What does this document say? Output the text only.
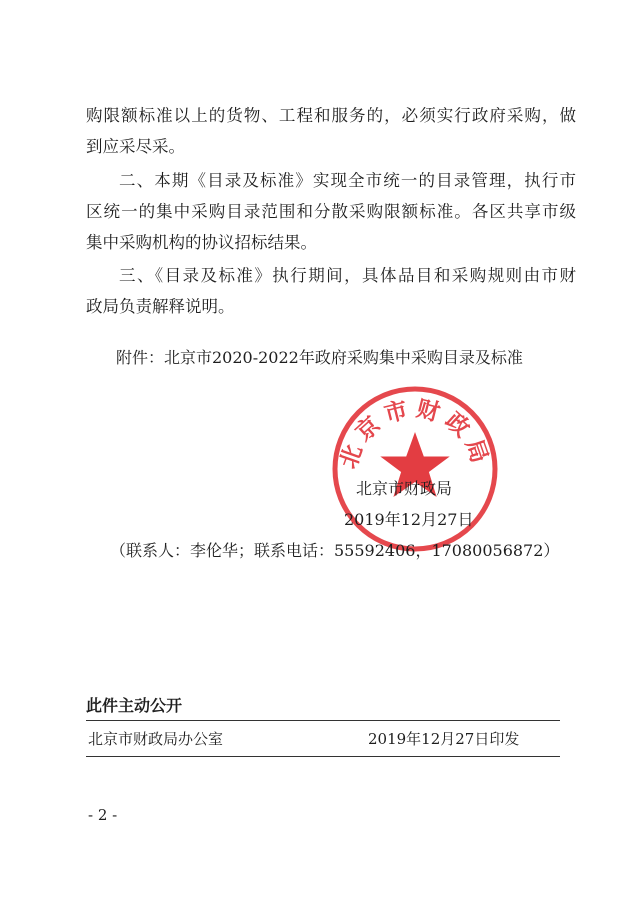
购限额标准以上的货物、工程和服务的，必须实行政府采购，做
到应采尽采。
二、本期《目录及标准》实现全市统一的目录管理，执行市
区统一的集中采购目录范围和分散采购限额标准。各区共享市级
集中采购机构的协议招标结果。
三、《目录及标准》执行期间，具体品目和采购规则由市财
政局负责解释说明。
附件：北京市2020-2022年政府采购集中采购目录及标准
北京市财政局
北京市财政局
2019年12月27日
（联系人：李伦华；联系电话：55592406，17080056872）
此件主动公开
北京市财政局办公室	2019年12月27日印发
- 2 -
